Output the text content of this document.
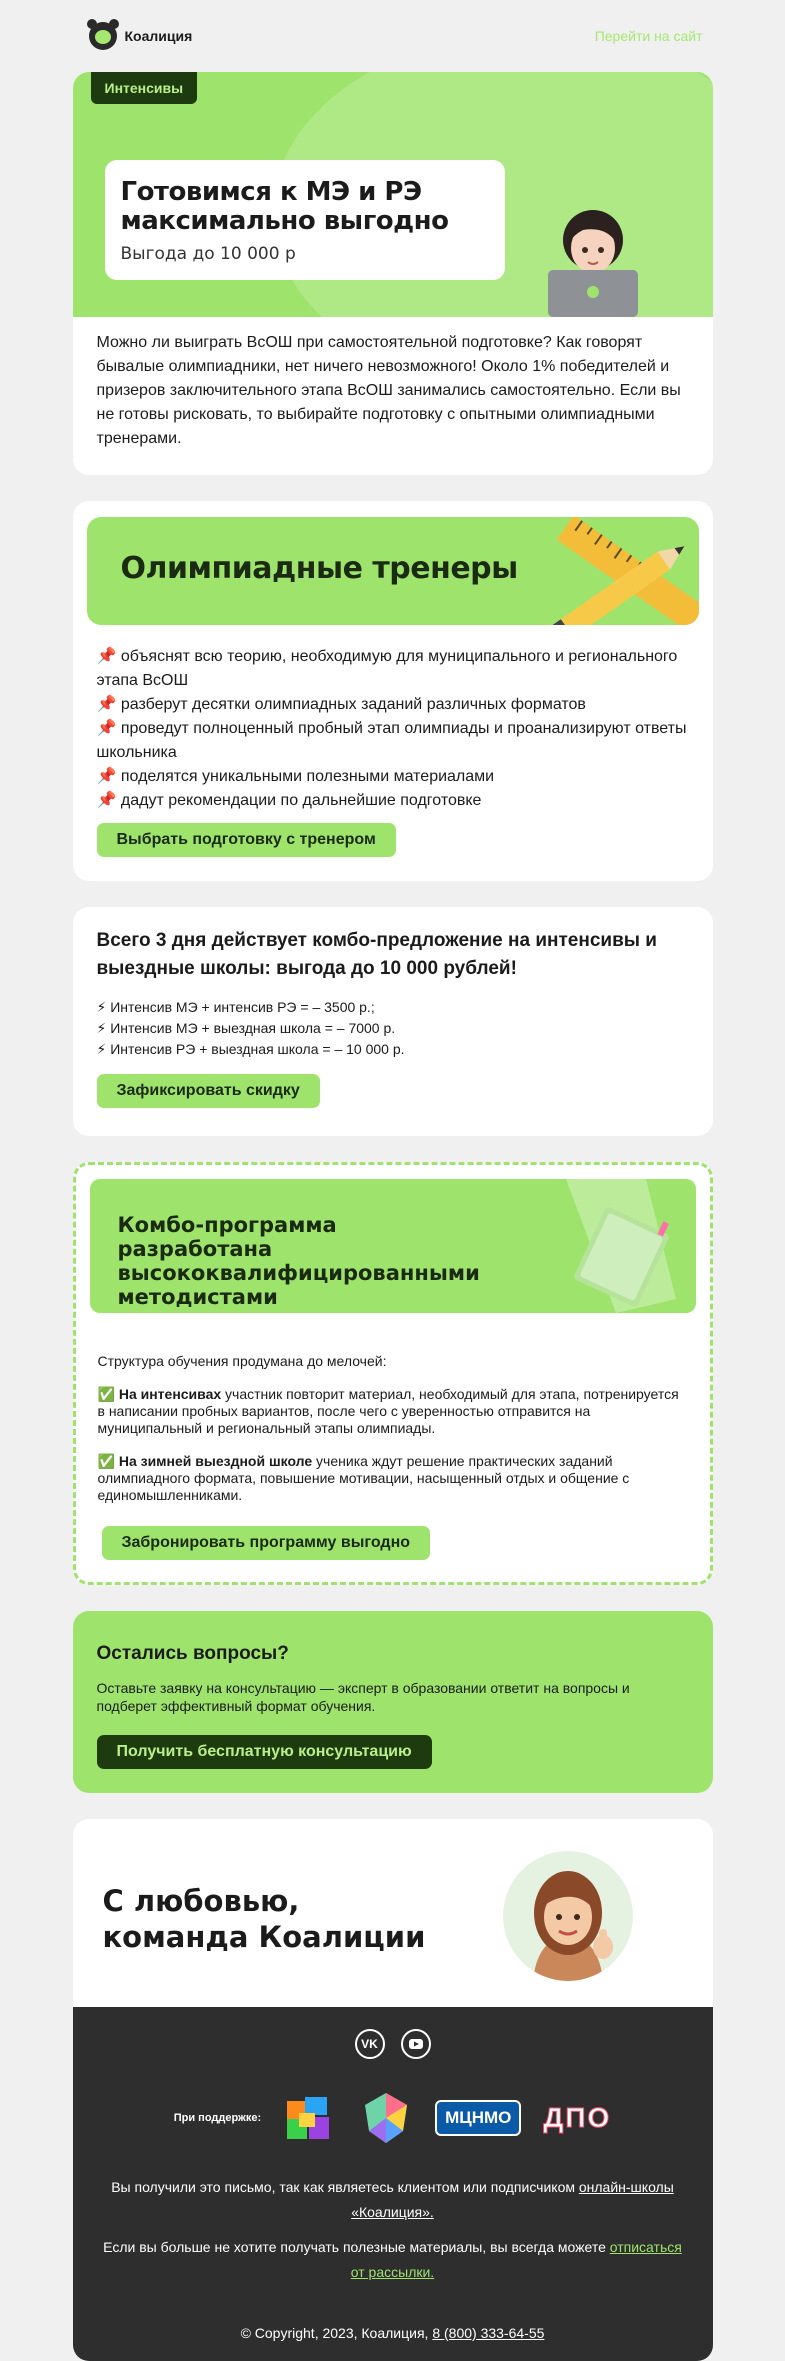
Коалиция	Перейти на сайт
Интенсивы
Готовимся к МЭ и РЭ
максимально выгодно
Выгода до 10 000 р
Можно ли выиграть ВсОШ при самостоятельной подготовке? Как говорят бывалые олимпиадники, нет ничего невозможного! Около 1% победителей и призеров заключительного этапа ВсОШ занимались самостоятельно. Если вы не готовы рисковать, то выбирайте подготовку с опытными олимпиадными тренерами.
Олимпиадные тренеры
📌 объяснят всю теорию, необходимую для муниципального и регионального этапа ВсОШ
📌 разберут десятки олимпиадных заданий различных форматов
📌 проведут полноценный пробный этап олимпиады и проанализируют ответы школьника
📌 поделятся уникальными полезными материалами
📌 дадут рекомендации по дальнейшие подготовке
Выбрать подготовку с тренером
Всего 3 дня действует комбо-предложение на интенсивы и выездные школы: выгода до 10 000 рублей!
⚡ Интенсив МЭ + интенсив РЭ = – 3500 р.;
⚡ Интенсив МЭ + выездная школа = – 7000 р.
⚡ Интенсив РЭ + выездная школа = – 10 000 р.
Зафиксировать скидку
Комбо-программа разработана высококвалифицированными методистами
Структура обучения продумана до мелочей:
✅ На интенсивах участник повторит материал, необходимый для этапа, потренируется в написании пробных вариантов, после чего с уверенностью отправится на муниципальный и региональный этапы олимпиады.
✅ На зимней выездной школе ученика ждут решение практических заданий олимпиадного формата, повышение мотивации, насыщенный отдых и общение с единомышленниками.
Забронировать программу выгодно
Остались вопросы?

Оставьте заявку на консультацию — эксперт в образовании ответит на вопросы и подберет эффективный формат обучения.

Получить бесплатную консультацию
С любовью,
команда Коалиции
VK
При поддержке:	МЦНМО	ДПО

Вы получили это письмо, так как являетесь клиентом или подписчиком онлайн-школы «Коалиция».

Если вы больше не хотите получать полезные материалы, вы всегда можете отписаться от рассылки.

© Copyright, 2023, Коалиция, 8 (800) 333-64-55
